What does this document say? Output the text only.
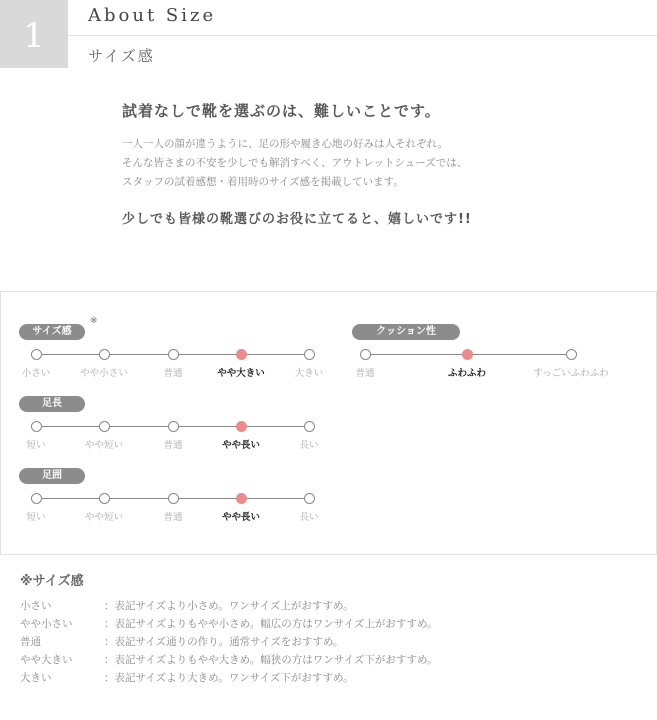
1
About Size
サイズ感

試着なしで靴を選ぶのは、難しいことです。

一人一人の顔が違うように、足の形や履き心地の好みは人それぞれ。
そんな皆さまの不安を少しでも解消すべく、アウトレットシューズでは、
スタッフの試着感想・着用時のサイズ感を掲載しています。

少しでも皆様の靴選びのお役に立てると、嬉しいです!!

サイズ感
※
小さい	やや小さい	普通	やや大きい	大きい
足長
短い	やや短い	普通	やや長い	長い
足囲
短い	やや短い	普通	やや長い	長い
クッション性
普通	ふわふわ	すっごいふわふわ
※サイズ感
小さい	：表記サイズより小さめ。ワンサイズ上がおすすめ。
やや小さい	：表記サイズよりもやや小さめ。幅広の方はワンサイズ上がおすすめ。
普通	：表記サイズ通りの作り。通常サイズをおすすめ。
やや大きい	：表記サイズよりもやや大きめ。幅狭の方はワンサイズ下がおすすめ。
大きい	：表記サイズより大きめ。ワンサイズ下がおすすめ。
